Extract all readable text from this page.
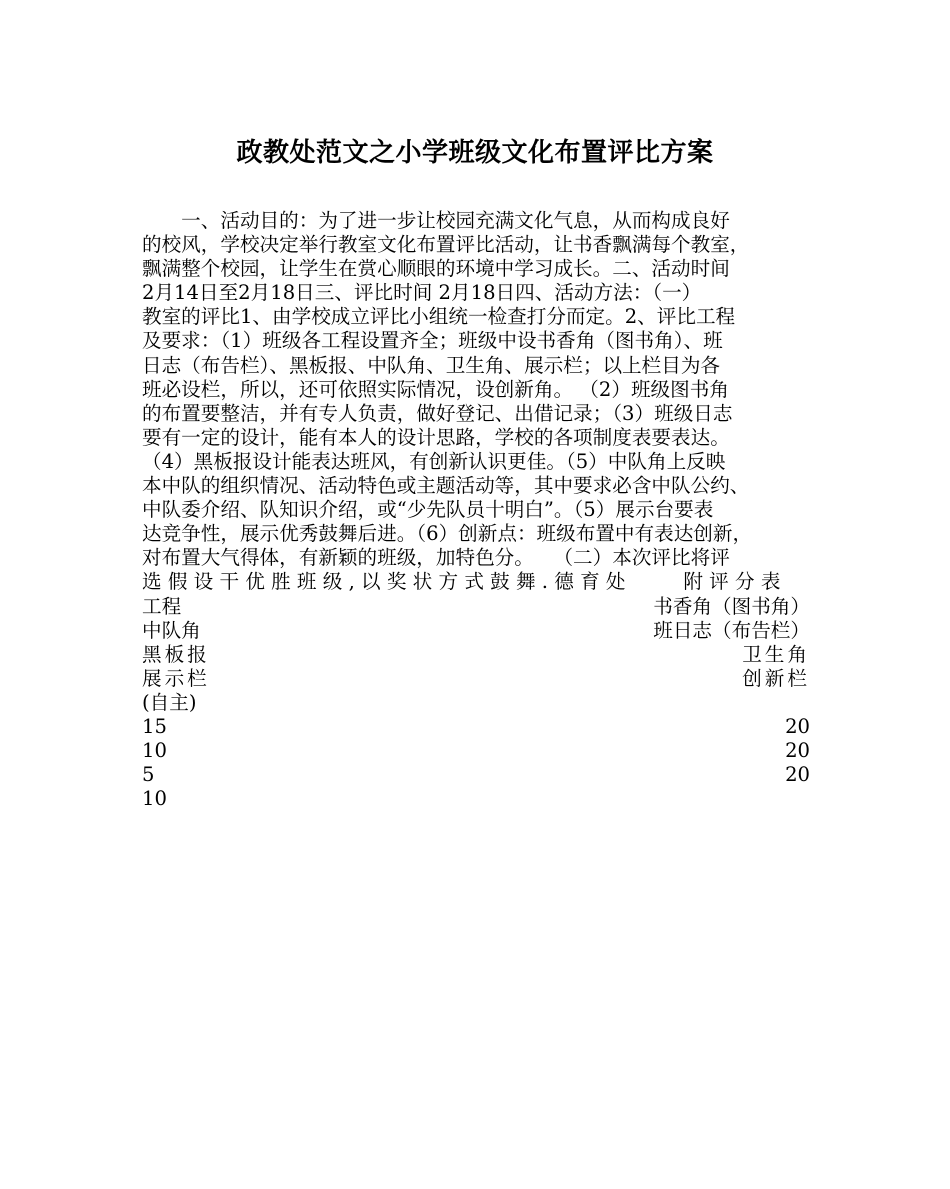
政教处范文之小学班级文化布置评比方案
　　一、活动目的：为了进一步让校园充满文化气息，从而构成良好
的校风，学校决定举行教室文化布置评比活动，让书香飘满每个教室，
飘满整个校园，让学生在赏心顺眼的环境中学习成长。二、活动时间
2月14日至2月18日三、评比时间 2月18日四、活动方法：（一）
教室的评比1、由学校成立评比小组统一检查打分而定。2、评比工程
及要求：（1）班级各工程设置齐全；班级中设书香角（图书角）、班
日志（布告栏）、黑板报、中队角、卫生角、展示栏；以上栏目为各
班必设栏，所以，还可依照实际情况，设创新角。 （2）班级图书角
的布置要整洁，并有专人负责，做好登记、出借记录；（3）班级日志
要有一定的设计，能有本人的设计思路，学校的各项制度表要表达。
（4）黑板报设计能表达班风，有创新认识更佳。（5）中队角上反映
本中队的组织情况、活动特色或主题活动等，其中要求必含中队公约、
中队委介绍、队知识介绍，或“少先队员十明白”。（5）展示台要表
达竞争性，展示优秀鼓舞后进。（6）创新点：班级布置中有表达创新，
对布置大气得体，有新颖的班级，加特色分。　　（二）本次评比将评
选 假 设 干 优 胜 班 级 , 以 奖 状 方 式 鼓 舞 . 德 育 处 　 　 附 评 分 表
工程	书香角（图书角）
中队角	班日志（布告栏）
黑板报	卫生角
展示栏	创新栏
(自主)
15	20
10	20
5	20
10
